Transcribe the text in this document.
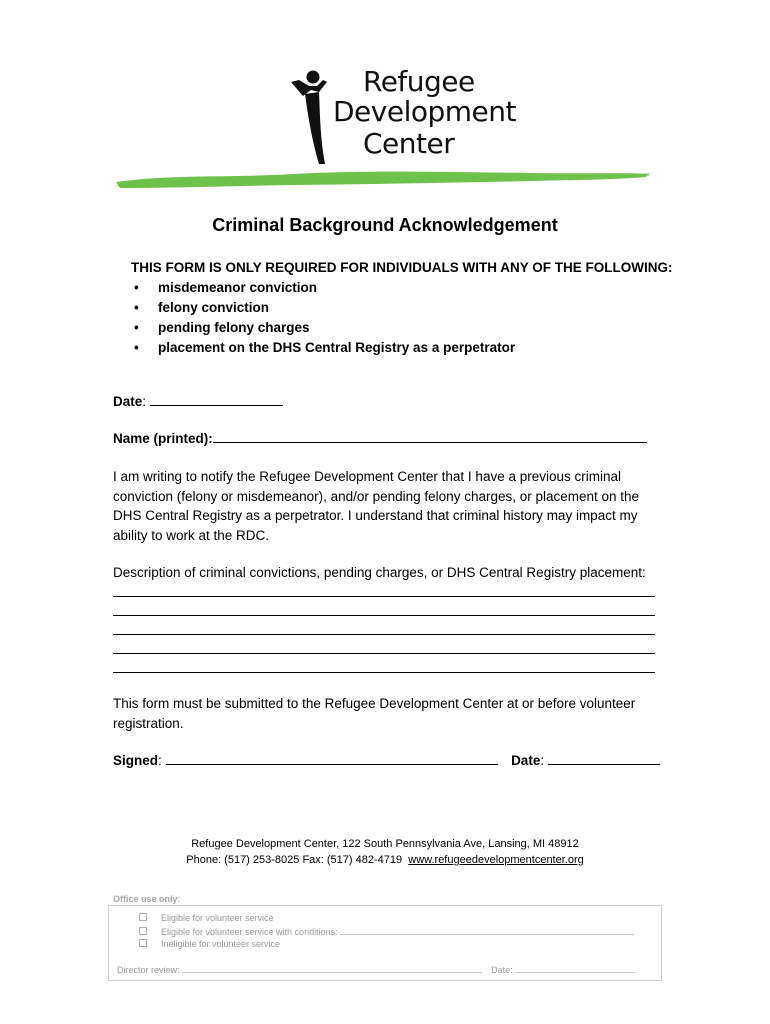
Refugee
Development
Center
Criminal Background Acknowledgement
THIS FORM IS ONLY REQUIRED FOR INDIVIDUALS WITH ANY OF THE FOLLOWING:
• misdemeanor conviction
• felony conviction
• pending felony charges
• placement on the DHS Central Registry as a perpetrator
Date:
Name (printed):
I am writing to notify the Refugee Development Center that I have a previous criminal conviction (felony or misdemeanor), and/or pending felony charges, or placement on the DHS Central Registry as a perpetrator. I understand that criminal history may impact my ability to work at the RDC.
Description of criminal convictions, pending charges, or DHS Central Registry placement:
This form must be submitted to the Refugee Development Center at or before volunteer registration.
Signed:	Date:
Refugee Development Center, 122 South Pennsylvania Ave, Lansing, MI 48912
Phone: (517) 253-8025 Fax: (517) 482-4719 www.refugeedevelopmentcenter.org
Office use only:
Eligible for volunteer service
Eligible for volunteer service with conditions:
Ineligible for volunteer service
Director review:	Date:
